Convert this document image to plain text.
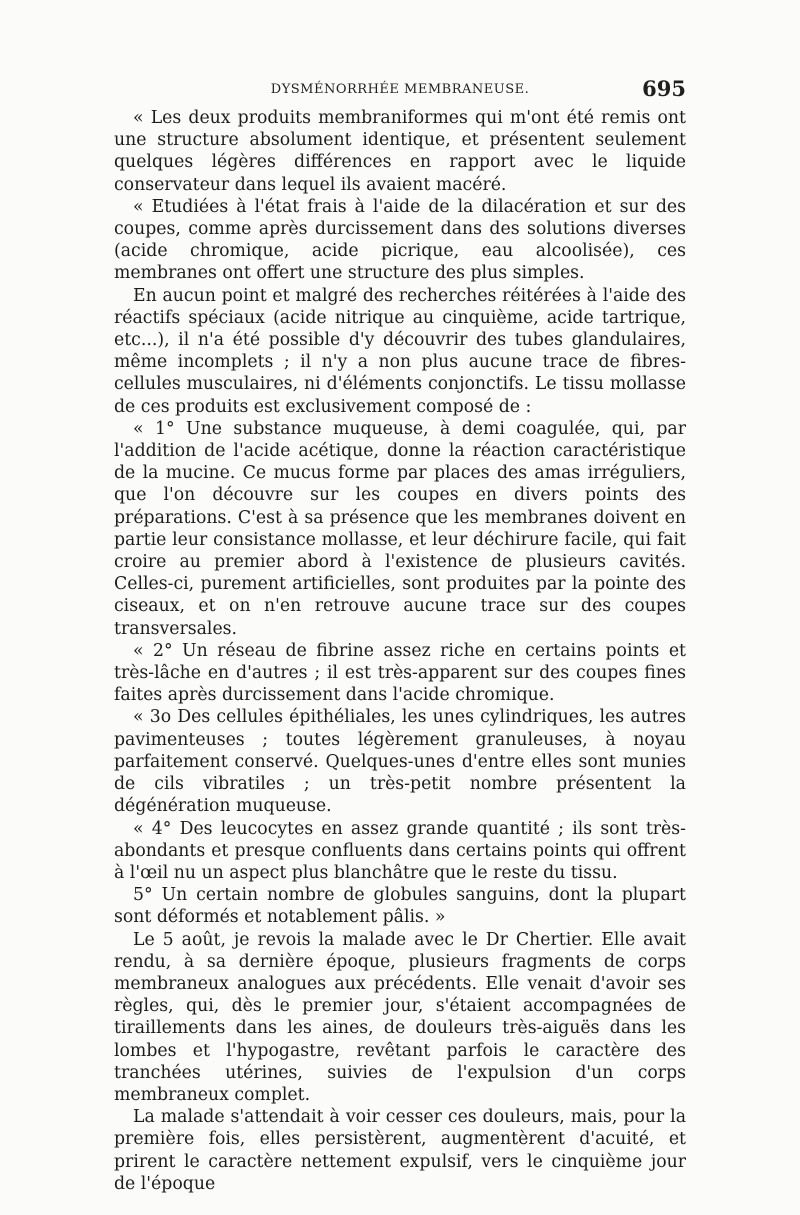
DYSMÉNORRHÉE MEMBRANEUSE.	695

« Les deux produits membraniformes qui m'ont été remis ont une structure absolument identique, et présentent seulement quelques légères différences en rapport avec le liquide conservateur dans lequel ils avaient macéré.

« Etudiées à l'état frais à l'aide de la dilacération et sur des coupes, comme après durcissement dans des solutions diverses (acide chromique, acide picrique, eau alcoolisée), ces membranes ont offert une structure des plus simples.

En aucun point et malgré des recherches réitérées à l'aide des réactifs spéciaux (acide nitrique au cinquième, acide tartrique, etc...), il n'a été possible d'y découvrir des tubes glandulaires, même incomplets ; il n'y a non plus aucune trace de fibres-cellules musculaires, ni d'éléments conjonctifs. Le tissu mollasse de ces produits est exclusivement composé de :

« 1° Une substance muqueuse, à demi coagulée, qui, par l'addition de l'acide acétique, donne la réaction caractéristique de la mucine. Ce mucus forme par places des amas irréguliers, que l'on découvre sur les coupes en divers points des préparations. C'est à sa présence que les membranes doivent en partie leur consistance mollasse, et leur déchirure facile, qui fait croire au premier abord à l'existence de plusieurs cavités. Celles-ci, purement artificielles, sont produites par la pointe des ciseaux, et on n'en retrouve aucune trace sur des coupes transversales.

« 2° Un réseau de fibrine assez riche en certains points et très-lâche en d'autres ; il est très-apparent sur des coupes fines faites après durcissement dans l'acide chromique.

« 3o Des cellules épithéliales, les unes cylindriques, les autres pavimenteuses ; toutes légèrement granuleuses, à noyau parfaitement conservé. Quelques-unes d'entre elles sont munies de cils vibratiles ; un très-petit nombre présentent la dégénération muqueuse.

« 4° Des leucocytes en assez grande quantité ; ils sont très-abondants et presque confluents dans certains points qui offrent à l'œil nu un aspect plus blanchâtre que le reste du tissu.

5° Un certain nombre de globules sanguins, dont la plupart sont déformés et notablement pâlis. »

Le 5 août, je revois la malade avec le Dr Chertier. Elle avait rendu, à sa dernière époque, plusieurs fragments de corps membraneux analogues aux précédents. Elle venait d'avoir ses règles, qui, dès le premier jour, s'étaient accompagnées de tiraillements dans les aines, de douleurs très-aiguës dans les lombes et l'hypogastre, revêtant parfois le caractère des tranchées utérines, suivies de l'expulsion d'un corps membraneux complet.

La malade s'attendait à voir cesser ces douleurs, mais, pour la première fois, elles persistèrent, augmentèrent d'acuité, et prirent le caractère nettement expulsif, vers le cinquième jour de l'époque
